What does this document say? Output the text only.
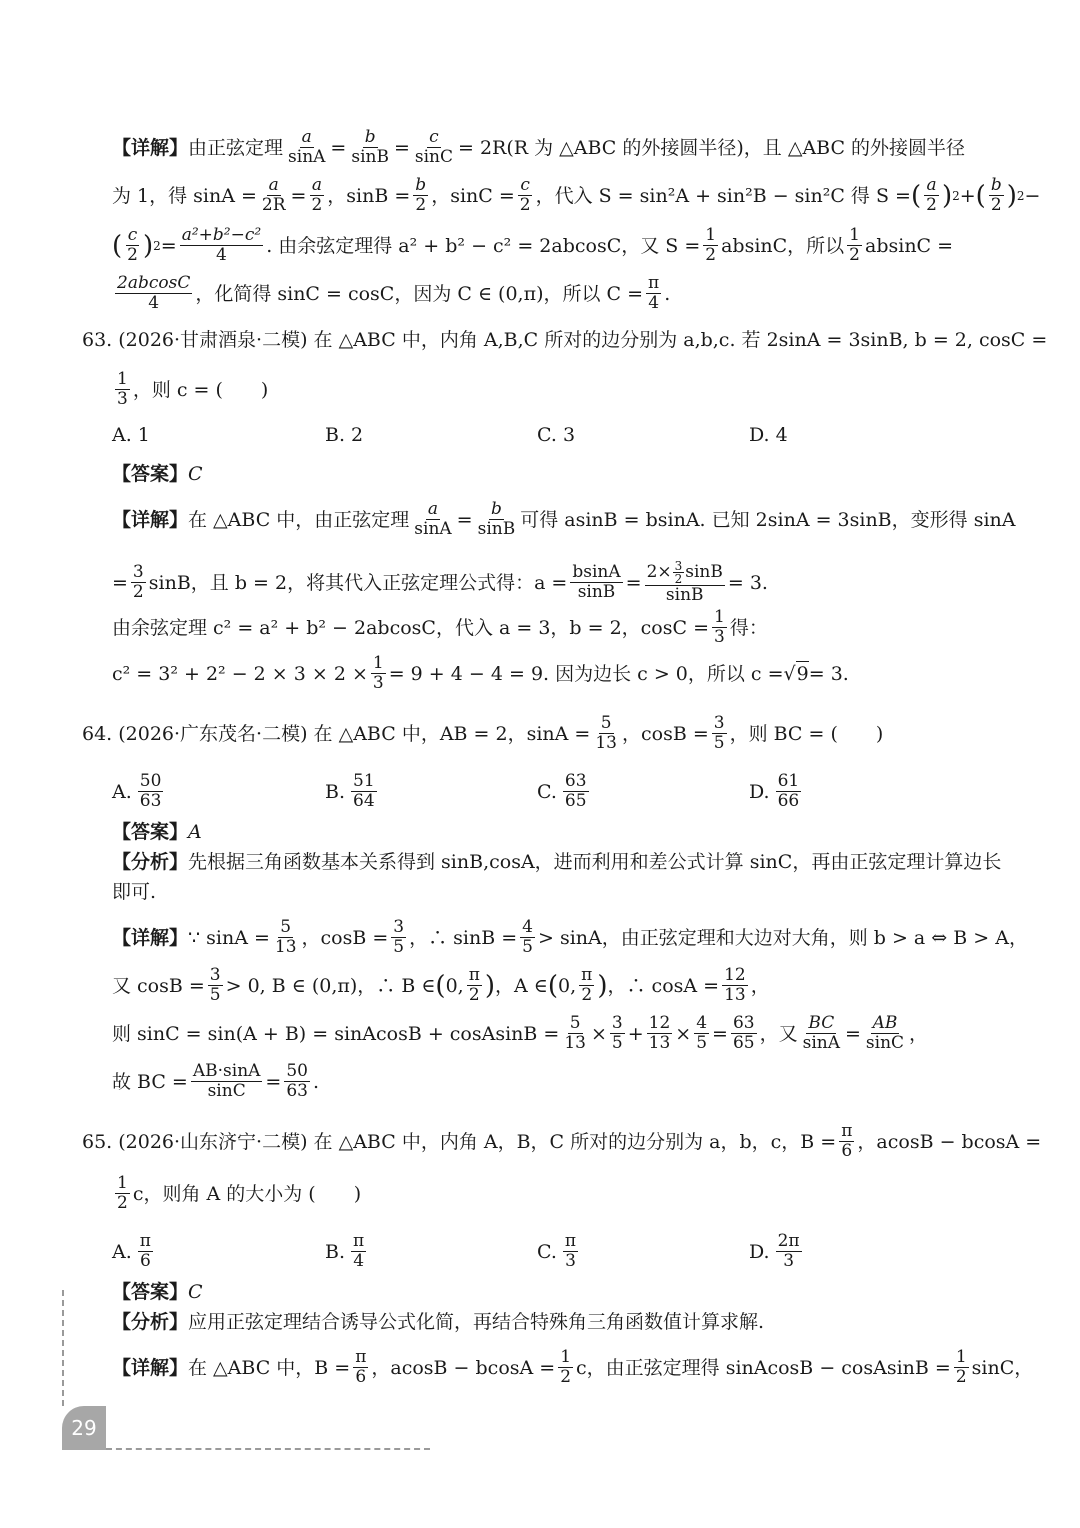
【详解】 由正弦定理 $\frac{a}{\sin A} = \frac{b}{\sin B} = \frac{c}{\sin C} = 2R(R$ 为 △ABC 的外接圆半径)，且 △ABC 的外接圆半径
为 1，得 $\sin A = \frac{a}{2R} = \frac{a}{2}$ ，$\sin B = \frac{b}{2}$ ，$\sin C = \frac{c}{2}$ ，代入 S = sin²A + sin²B − sin²C 得 S = ( a
2 ) 2 + ( b
2 ) 2 −
( c
2 ) $2 = \frac{\text{a²+b²−c²}}{4}$ . 由余弦定理得 a² + b² − c² = 2abcosC，又 $S = \frac{1}{2}$ absinC，所以 1
2 absinC =
2abcosC
4 ，化简得 sinC = cosC，因为 C ∈ (0,π)，所以 $C = \frac{\pi}{4}$ .
63. (2026·甘肃酒泉·二模) 在 △ABC 中，内角 A,B,C 所对的边分别为 a,b,c. 若 2sinA = 3sinB, b = 2, cosC =
1
3 ，则 c = (　　)
A. 1	B. 2	C. 3	D. 4
【答案】 C
【详解】 在 △ABC 中，由正弦定理 $\frac{a}{\sin A} = \frac{b}{\sin B}$ 可得 asinB = bsinA. 已知 2sinA = 3sinB，变形得 sinA
= $\frac{3}{2}$ sinB，且 b = 2，将其代入正弦定理公式得：$a = \frac{bsinA}{\sin B} = \frac{2\times \frac{3}{2} \sin B}{\sin B} = 3$.
由余弦定理 c² = a² + b² − 2abcosC，代入 a = 3，b = 2，$\cos C = \frac{1}{3}$ 得：
$c^2 = 3^2 + 2^2 - 2 \times 3 \times 2 \times \frac{1}{3} = 9 + 4 - 4 = 9$. 因为边长 c > 0，所以 c = √ 9 = 3.
64. (2026·广东茂名·二模) 在 △ABC 中，AB = 2，$\sin A = \frac{5}{13}$ ，$\cos B = \frac{3}{5}$ ，则 BC = (　　)
A. 50
63	B. 51
64	C. 63
65	D. 61
66
【答案】 A
【分析】 先根据三角函数基本关系得到 sinB,cosA，进而利用和差公式计算 sinC，再由正弦定理计算边长
即可.
【详解】 ∵ $\sin A = \frac{5}{13}$ ，$\cos B = \frac{3}{5}$ ，∴ $\sin B = \frac{4}{5} > \sin A$，由正弦定理和大边对大角，则 b > a ⇔ B > A，
又 $\cos B = \frac{3}{5} > 0$, B ∈ (0,π)，∴ B ∈ ( 0, π
2 ) ，A ∈ ( 0, π
2 ) ，∴ $\cos A = \frac{12}{13}$ ，
则 sinC = sin(A + B) = sinAcosB + cosAsinB = $\frac{5}{13} \times \frac{3}{5} + \frac{12}{13} \times \frac{4}{5} = \frac{63}{65}$ ，又 $\frac{BC}{\sin A} = \frac{AB}{\sin C}$ ，
故 BC = $\frac{AB\cdot\sin A}{\sin C} = \frac{50}{63}$ .
65. (2026·山东济宁·二模) 在 △ABC 中，内角 A，B，C 所对的边分别为 a，b，c，$B = \frac{\pi}{6}$ ，acosB − bcosA =
1
2 c，则角 A 的大小为 (　　)
A. π
6	B. π
4	C. π
3	D. 2π
3
【答案】 C
【分析】 应用正弦定理结合诱导公式化简，再结合特殊角三角函数值计算求解.
【详解】 在 △ABC 中，$B = \frac{\pi}{6}$ ，$acosB - bcosA = \frac{1}{2}$ c，由正弦定理得 sinAcosB − cosAsinB = $\frac{1}{2}$ sinC，
29
